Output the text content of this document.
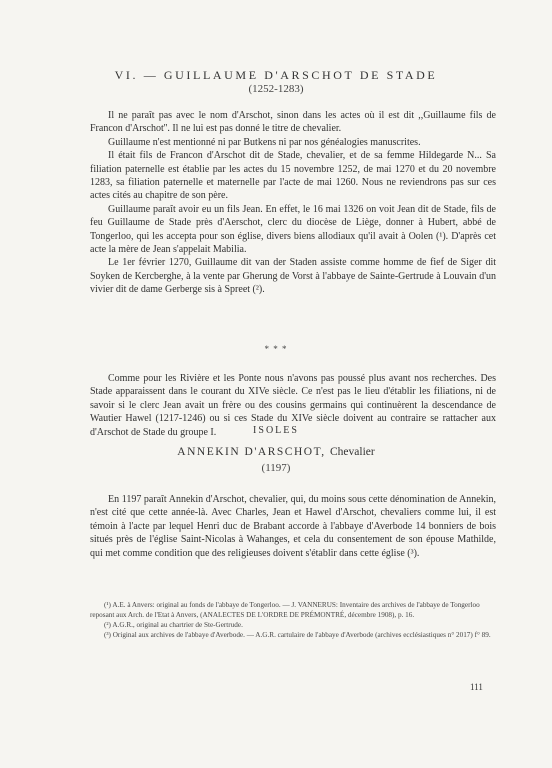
VI. — GUILLAUME D'ARSCHOT DE STADE
(1252-1283)

Il ne paraît pas avec le nom d'Arschot, sinon dans les actes où il est dit ,,Guillaume fils de Francon d'Arschot''. Il ne lui est pas donné le titre de chevalier.

Guillaume n'est mentionné ni par Butkens ni par nos généalogies manuscrites.

Il était fils de Francon d'Arschot dit de Stade, chevalier, et de sa femme Hildegarde N... Sa filiation paternelle est établie par les actes du 15 novembre 1252, de mai 1270 et du 20 novembre 1283, sa filiation paternelle et maternelle par l'acte de mai 1260. Nous ne reviendrons pas sur ces actes cités au chapitre de son père.

Guillaume paraît avoir eu un fils Jean. En effet, le 16 mai 1326 on voit Jean dit de Stade, fils de feu Guillaume de Stade près d'Aerschot, clerc du diocèse de Liège, donner à Hubert, abbé de Tongerloo, qui les accepta pour son église, divers biens allodiaux qu'il avait à Oolen (¹). D'après cet acte la mère de Jean s'appelait Mabilia.

Le 1er février 1270, Guillaume dit van der Staden assiste comme homme de fief de Siger dit Soyken de Kercberghe, à la vente par Gherung de Vorst à l'abbaye de Sainte-Gertrude à Louvain d'un vivier dit de dame Gerberge sis à Spreet (²).

* * *

Comme pour les Rivière et les Ponte nous n'avons pas poussé plus avant nos recherches. Des Stade apparaissent dans le courant du XIVe siècle. Ce n'est pas le lieu d'établir les filiations, ni de savoir si le clerc Jean avait un frère ou des cousins germains qui continuèrent la descendance de Wautier Hawel (1217-1246) ou si ces Stade du XIVe siècle doivent au contraire se rattacher aux d'Arschot de Stade du groupe I.	ISOLES
ANNEKIN D'ARSCHOT, Chevalier
(1197)

En 1197 paraît Annekin d'Arschot, chevalier, qui, du moins sous cette dénomination de Annekin, n'est cité que cette année-là. Avec Charles, Jean et Hawel d'Arschot, chevaliers comme lui, il est témoin à l'acte par lequel Henri duc de Brabant accorde à l'abbaye d'Averbode 14 bonniers de bois situés près de l'église Saint-Nicolas à Wahanges, et cela du consentement de son épouse Mathilde, qui met comme condition que des religieuses doivent s'établir dans cette église (³).

(¹) A.E. à Anvers: original au fonds de l'abbaye de Tongerloo. — J. VANNERUS: Inventaire des archives de l'abbaye de Tongerloo reposant aux Arch. de l'Etat à Anvers, (ANALECTES DE L'ORDRE DE PRÉMONTRÉ, décembre 1908), p. 16.

(²) A.G.R., original au chartrier de Ste-Gertrude.

(³) Original aux archives de l'abbaye d'Averbode. — A.G.R. cartulaire de l'abbaye d'Averbode (archives ecclésiastiques n° 2017) f° 89.

111
